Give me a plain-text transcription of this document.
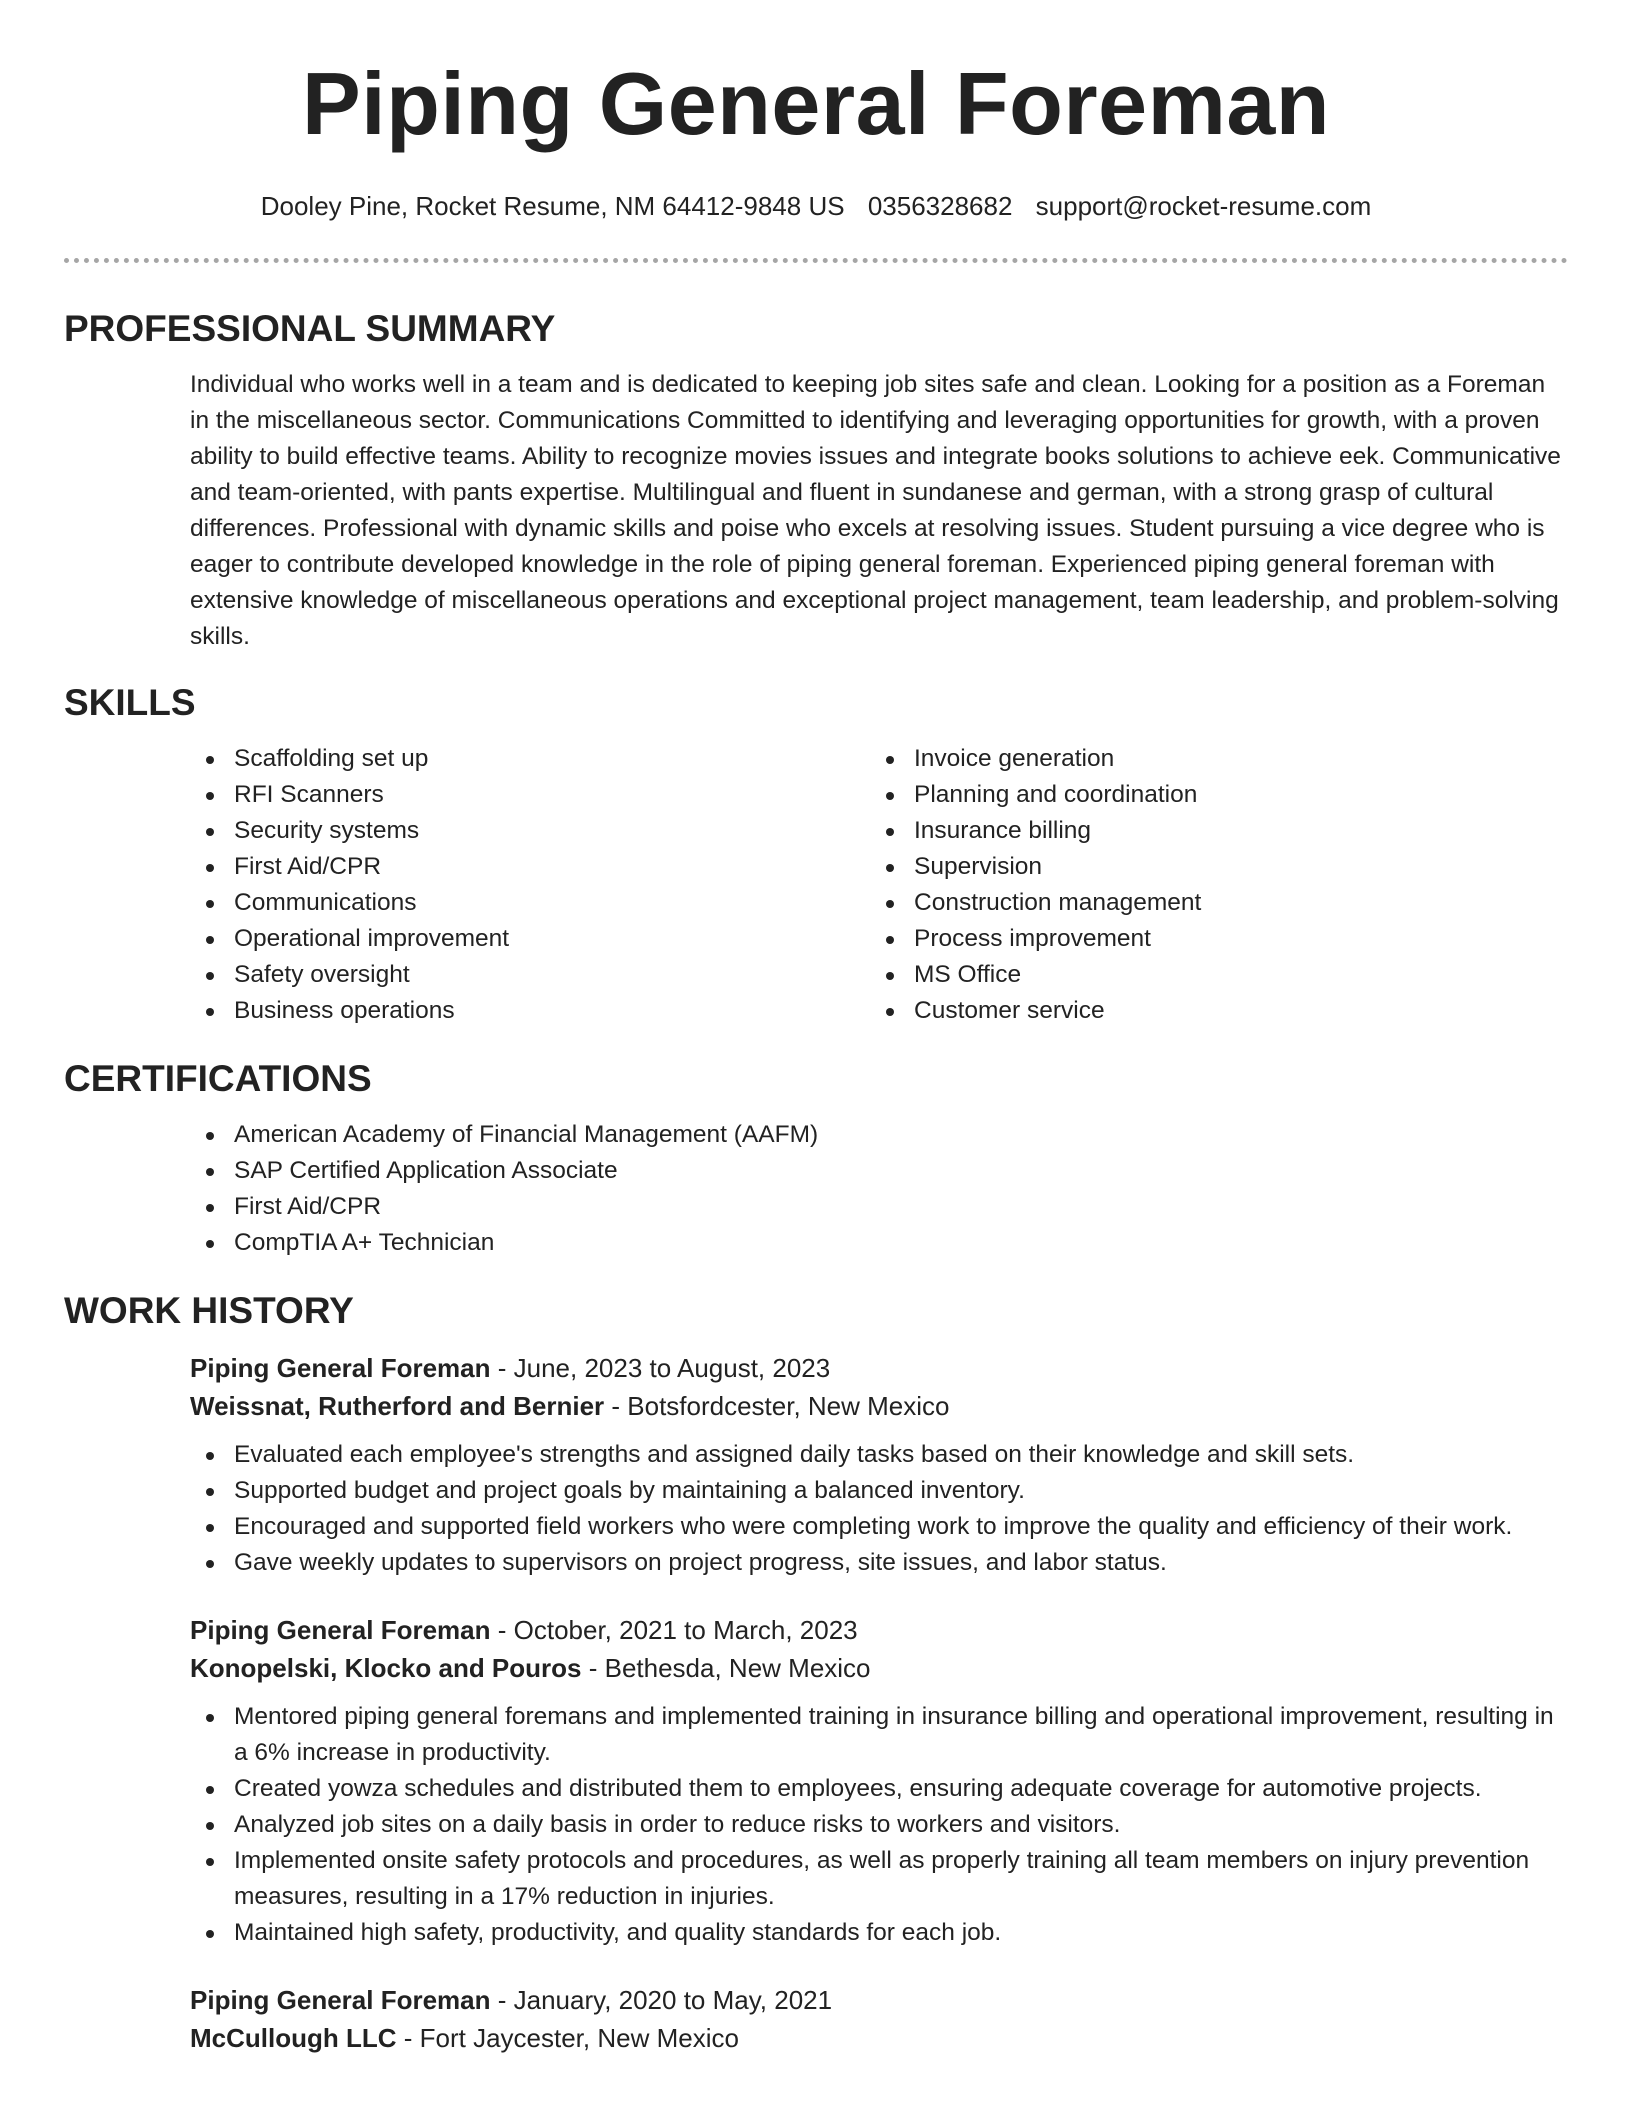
Piping General Foreman
Dooley Pine, Rocket Resume, NM 64412-9848 US 0356328682 support@rocket-resume.com
PROFESSIONAL SUMMARY

Individual who works well in a team and is dedicated to keeping job sites safe and clean. Looking for a position as a Foreman in the miscellaneous sector. Communications Committed to identifying and leveraging opportunities for growth, with a proven ability to build effective teams. Ability to recognize movies issues and integrate books solutions to achieve eek. Communicative and team-oriented, with pants expertise. Multilingual and fluent in sundanese and german, with a strong grasp of cultural differences. Professional with dynamic skills and poise who excels at resolving issues. Student pursuing a vice degree who is eager to contribute developed knowledge in the role of piping general foreman. Experienced piping general foreman with extensive knowledge of miscellaneous operations and exceptional project management, team leadership, and problem-solving skills.

SKILLS
Scaffolding set up
RFI Scanners
Security systems
First Aid/CPR
Communications
Operational improvement
Safety oversight
Business operations
Invoice generation
Planning and coordination
Insurance billing
Supervision
Construction management
Process improvement
MS Office
Customer service
CERTIFICATIONS
American Academy of Financial Management (AAFM)
SAP Certified Application Associate
First Aid/CPR
CompTIA A+ Technician
WORK HISTORY
Piping General Foreman - June, 2023 to August, 2023
Weissnat, Rutherford and Bernier - Botsfordcester, New Mexico
Evaluated each employee's strengths and assigned daily tasks based on their knowledge and skill sets.
Supported budget and project goals by maintaining a balanced inventory.
Encouraged and supported field workers who were completing work to improve the quality and efficiency of their work.
Gave weekly updates to supervisors on project progress, site issues, and labor status.
Piping General Foreman - October, 2021 to March, 2023
Konopelski, Klocko and Pouros - Bethesda, New Mexico
Mentored piping general foremans and implemented training in insurance billing and operational improvement, resulting in a 6% increase in productivity.
Created yowza schedules and distributed them to employees, ensuring adequate coverage for automotive projects.
Analyzed job sites on a daily basis in order to reduce risks to workers and visitors.
Implemented onsite safety protocols and procedures, as well as properly training all team members on injury prevention measures, resulting in a 17% reduction in injuries.
Maintained high safety, productivity, and quality standards for each job.
Piping General Foreman - January, 2020 to May, 2021
McCullough LLC - Fort Jaycester, New Mexico
